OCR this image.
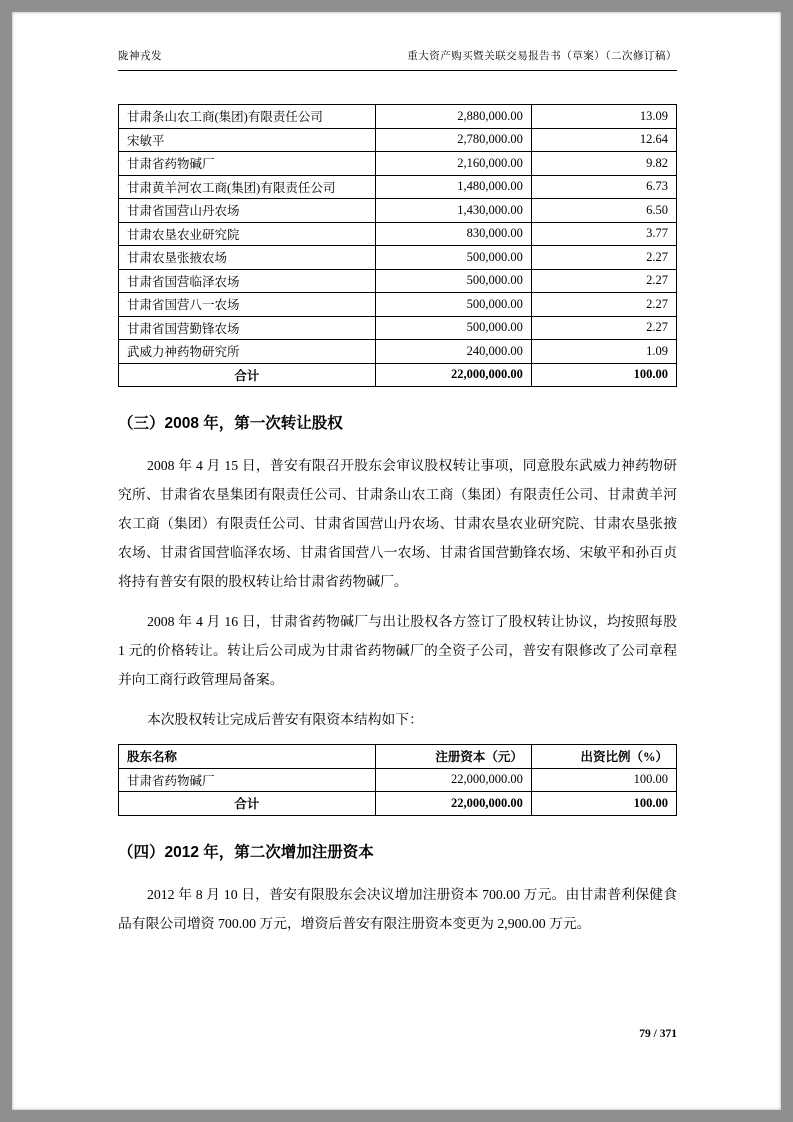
陇神戎发	重大资产购买暨关联交易报告书（草案）（二次修订稿）
甘肃条山农工商(集团)有限责任公司	2,880,000.00	13.09
宋敏平	2,780,000.00	12.64
甘肃省药物碱厂	2,160,000.00	9.82
甘肃黄羊河农工商(集团)有限责任公司	1,480,000.00	6.73
甘肃省国营山丹农场	1,430,000.00	6.50
甘肃农垦农业研究院	830,000.00	3.77
甘肃农垦张掖农场	500,000.00	2.27
甘肃省国营临泽农场	500,000.00	2.27
甘肃省国营八一农场	500,000.00	2.27
甘肃省国营勤锋农场	500,000.00	2.27
武威力神药物研究所	240,000.00	1.09
合计	22,000,000.00	100.00
（三）2008 年，第一次转让股权

2008 年 4 月 15 日，普安有限召开股东会审议股权转让事项，同意股东武威力神药物研究所、甘肃省农垦集团有限责任公司、甘肃条山农工商（集团）有限责任公司、甘肃黄羊河农工商（集团）有限责任公司、甘肃省国营山丹农场、甘肃农垦农业研究院、甘肃农垦张掖农场、甘肃省国营临泽农场、甘肃省国营八一农场、甘肃省国营勤锋农场、宋敏平和孙百贞将持有普安有限的股权转让给甘肃省药物碱厂。

2008 年 4 月 16 日，甘肃省药物碱厂与出让股权各方签订了股权转让协议，均按照每股 1 元的价格转让。转让后公司成为甘肃省药物碱厂的全资子公司，普安有限修改了公司章程并向工商行政管理局备案。

本次股权转让完成后普安有限资本结构如下：

股东名称	注册资本（元）	出资比例（%）
甘肃省药物碱厂	22,000,000.00	100.00
合计	22,000,000.00	100.00
（四）2012 年，第二次增加注册资本

2012 年 8 月 10 日，普安有限股东会决议增加注册资本 700.00 万元。由甘肃普利保健食品有限公司增资 700.00 万元，增资后普安有限注册资本变更为 2,900.00 万元。

79 / 371
